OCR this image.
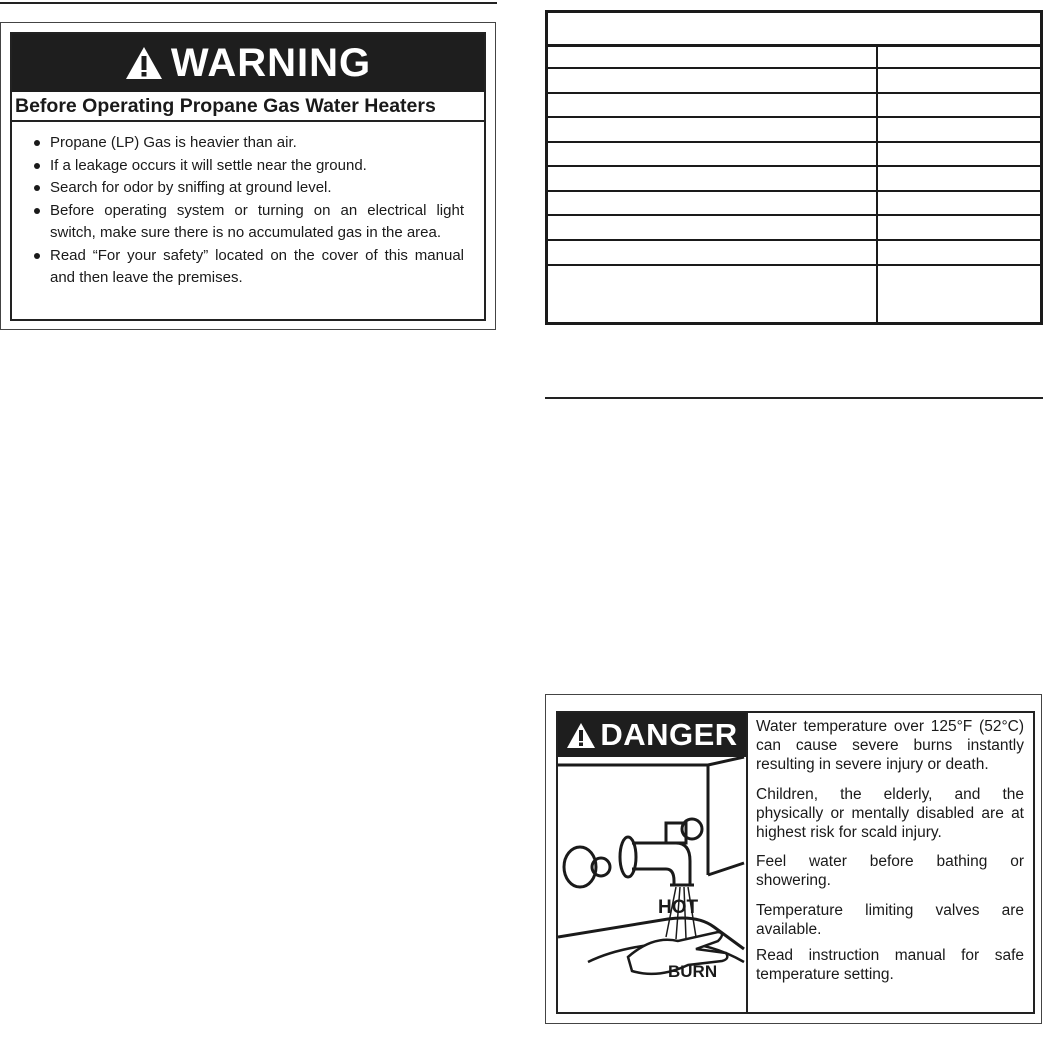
WARNING
Before Operating Propane Gas Water Heaters
Propane (LP) Gas is heavier than air.
If a leakage occurs it will settle near the ground.
Search for odor by sniffing at ground level.
Before operating system or turning on an electrical light switch, make sure there is no accumulated gas in the area.
Read “For your safety” located on the cover of this manual and then leave the premises.
DANGER
HOT
BURN

Water temperature over 125°F (52°C) can cause severe burns instantly resulting in severe injury or death.

Children, the elderly, and the physically or mentally disabled are at highest risk for scald injury.

Feel water before bathing or showering.

Temperature limiting valves are available.

Read instruction manual for safe temperature setting.
